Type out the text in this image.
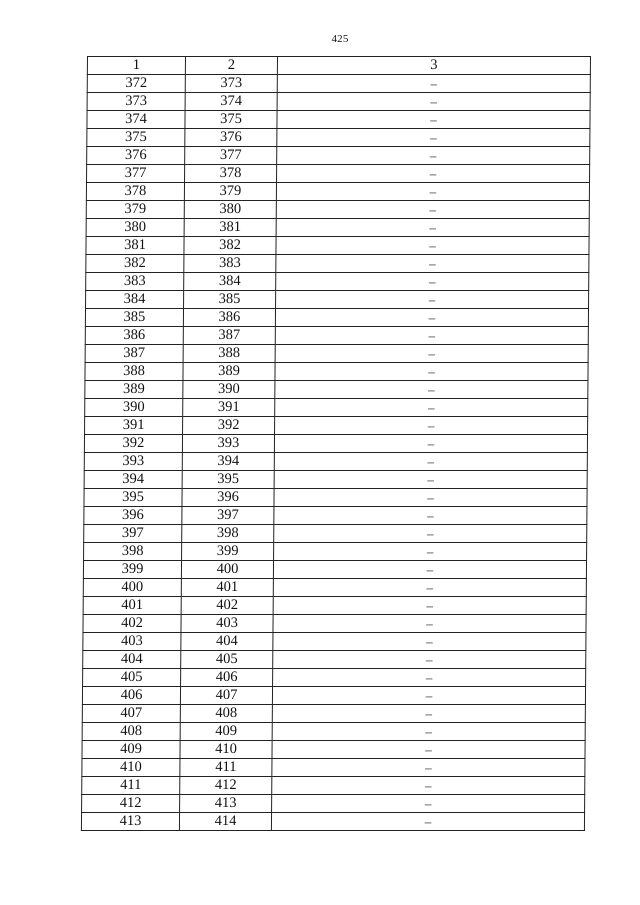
425
1	2	3
372	373	–
373	374	–
374	375	–
375	376	–
376	377	–
377	378	–
378	379	–
379	380	–
380	381	–
381	382	–
382	383	–
383	384	–
384	385	–
385	386	–
386	387	–
387	388	–
388	389	–
389	390	–
390	391	–
391	392	–
392	393	–
393	394	–
394	395	–
395	396	–
396	397	–
397	398	–
398	399	–
399	400	–
400	401	–
401	402	–
402	403	–
403	404	–
404	405	–
405	406	–
406	407	–
407	408	–
408	409	–
409	410	–
410	411	–
411	412	–
412	413	–
413	414	–
